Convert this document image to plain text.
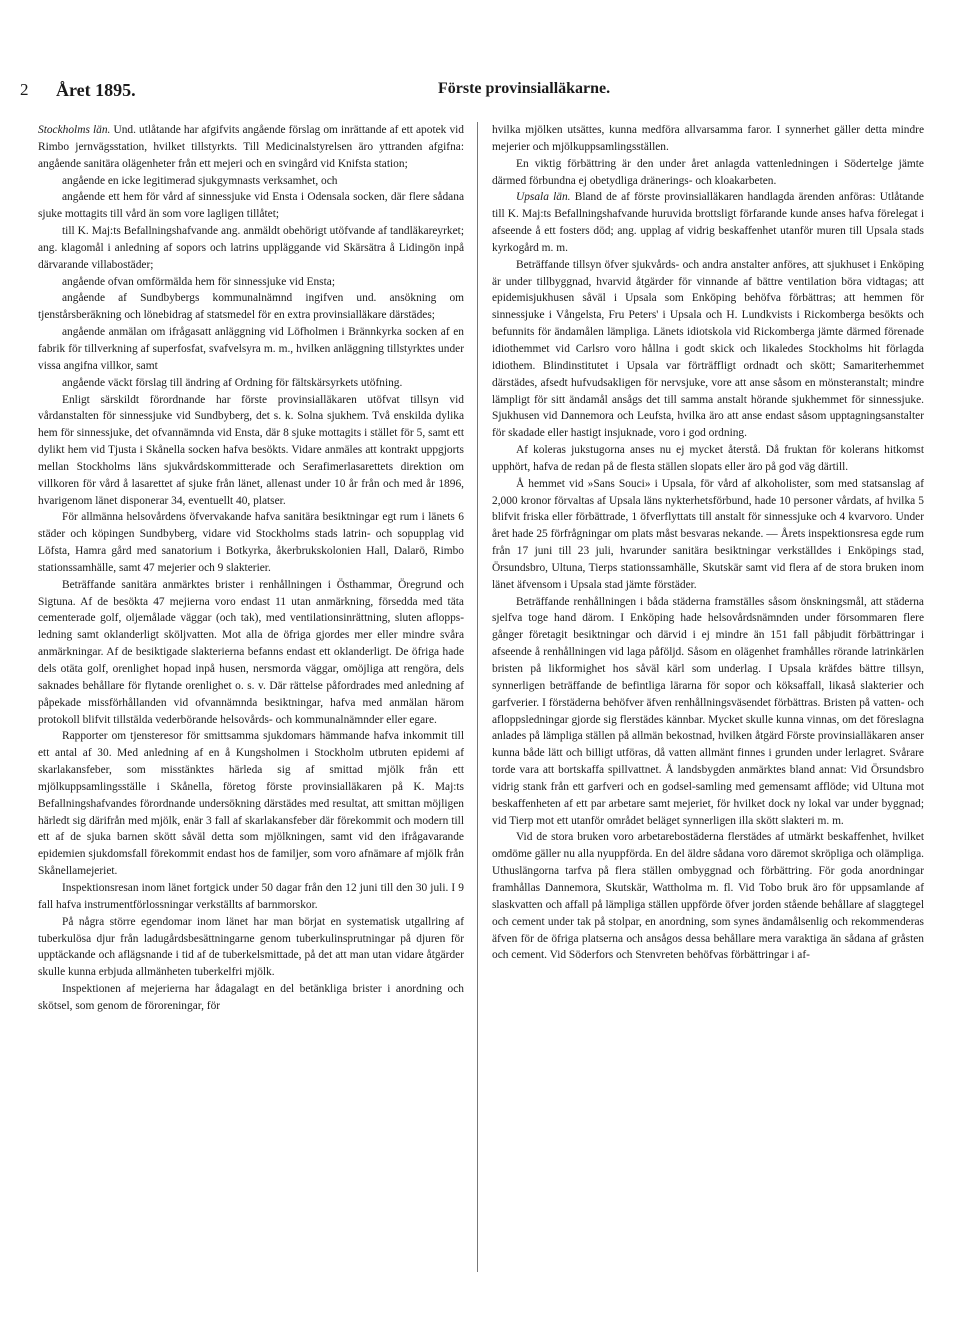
2 Året 1895.	Förste provinsialläkarne.

Stockholms län. Und. utlåtande har afgifvits angående förslag om inrättande af ett apotek vid Rimbo jernvägsstation, hvilket tillstyrkts. Till Medicinalstyrelsen äro yttranden afgifna: angående sanitära olägenheter från ett mejeri och en svingård vid Knifsta station;

angående en icke legitimerad sjukgymnasts verksamhet, och

angående ett hem för vård af sinnessjuke vid Ensta i Odensala socken, där flere sådana sjuke mottagits till vård än som vore lagligen tillåtet;

till K. Maj:ts Befallningshafvande ang. anmäldt obehörigt utöfvande af tandläkareyrket; ang. klagomål i anledning af sopors och latrins uppläggande vid Skärsätra å Lidingön inpå därvarande villabostäder;

angående ofvan omförmälda hem för sinnessjuke vid Ensta;

angående af Sundbybergs kommunalnämnd ingifven und. ansökning om tjenstårsberäkning och lönebidrag af statsmedel för en extra provinsialläkare därstädes;

angående anmälan om ifrågasatt anläggning vid Löfholmen i Brännkyrka socken af en fabrik för tillverkning af superfosfat, svafvelsyra m. m., hvilken anläggning tillstyrktes under vissa angifna villkor, samt

angående väckt förslag till ändring af Ordning för fältskärsyrkets utöfning.

Enligt särskildt förordnande har förste provinsialläkaren utöfvat tillsyn vid vårdanstalten för sinnessjuke vid Sundbyberg, det s. k. Solna sjukhem. Två enskilda dylika hem för sinnessjuke, det ofvannämnda vid Ensta, där 8 sjuke mottagits i stället för 5, samt ett dylikt hem vid Tjusta i Skånella socken hafva besökts. Vidare anmäles att kontrakt uppgjorts mellan Stockholms läns sjukvårdskommitterade och Serafimerlasarettets direktion om villkoren för vård å lasarettet af sjuke från länet, allenast under 10 år från och med år 1896, hvarigenom länet disponerar 34, eventuellt 40, platser.

För allmänna helsovårdens öfvervakande hafva sanitära besiktningar egt rum i länets 6 städer och köpingen Sundbyberg, vidare vid Stockholms stads latrin- och sopupplag vid Löfsta, Hamra gård med sanatorium i Botkyrka, åkerbrukskolonien Hall, Dalarö, Rimbo stationssamhälle, samt 47 mejerier och 9 slakterier.

Beträffande sanitära anmärktes brister i renhållningen i Östhammar, Öregrund och Sigtuna. Af de besökta 47 mejierna voro endast 11 utan anmärkning, försedda med täta cementerade golf, oljemålade väggar (och tak), med ventilationsinrättning, sluten aflopps-ledning samt oklanderligt sköljvatten. Mot alla de öfriga gjordes mer eller mindre svåra anmärkningar. Af de besiktigade slakterierna befanns endast ett oklanderligt. De öfriga hade dels otäta golf, orenlighet hopad inpå husen, nersmorda väggar, omöjliga att rengöra, dels saknades behållare för flytande orenlighet o. s. v. Där rättelse påfordrades med anledning af påpekade missförhållanden vid ofvannämnda besiktningar, hafva med anmälan härom protokoll blifvit tillstälda vederbörande helsovårds- och kommunalnämnder eller egare.

Rapporter om tjensteresor för smittsamma sjukdomars hämmande hafva inkommit till ett antal af 30. Med anledning af en å Kungsholmen i Stockholm utbruten epidemi af skarlakansfeber, som misstänktes härleda sig af smittad mjölk från ett mjölkuppsamlingsställe i Skånella, företog förste provinsialläkaren på K. Maj:ts Befallningshafvandes förordnande undersökning därstädes med resultat, att smittan möjligen härledt sig därifrån med mjölk, enär 3 fall af skarlakansfeber där förekommit och modern till ett af de sjuka barnen skött såväl detta som mjölkningen, samt vid den ifrågavarande epidemien sjukdomsfall förekommit endast hos de familjer, som voro afnämare af mjölk från Skånellamejeriet.

Inspektionsresan inom länet fortgick under 50 dagar från den 12 juni till den 30 juli. I 9 fall hafva instrumentförlossningar verkställts af barnmorskor.

På några större egendomar inom länet har man börjat en systematisk utgallring af tuberkulösa djur från ladugårdsbesättningarne genom tuberkulinsprutningar på djuren för upptäckande och aflägsnande i tid af de tuberkelsmittade, på det att man utan vidare åtgärder skulle kunna erbjuda allmänheten tuberkelfri mjölk.

Inspektionen af mejerierna har ådagalagt en del betänkliga brister i anordning och skötsel, som genom de föroreningar, för

hvilka mjölken utsättes, kunna medföra allvarsamma faror. I synnerhet gäller detta mindre mejerier och mjölkuppsamlingsställen.

En viktig förbättring är den under året anlagda vattenledningen i Södertelge jämte därmed förbundna ej obetydliga dränerings- och kloakarbeten.

Upsala län. Bland de af förste provinsialläkaren handlagda ärenden anföras: Utlåtande till K. Maj:ts Befallningshafvande huruvida brottsligt förfarande kunde anses hafva förelegat i afseende å ett fosters död; ang. upplag af vidrig beskaffenhet utanför muren till Upsala stads kyrkogård m. m.

Beträffande tillsyn öfver sjukvårds- och andra anstalter anföres, att sjukhuset i Enköping är under tillbyggnad, hvarvid åtgärder för vinnande af bättre ventilation böra vidtagas; att epidemisjukhusen såväl i Upsala som Enköping behöfva förbättras; att hemmen för sinnessjuke i Vångelsta, Fru Peters' i Upsala och H. Lundkvists i Rickomberga besökts och befunnits för ändamålen lämpliga. Länets idiotskola vid Rickomberga jämte därmed förenade idiothemmet vid Carlsro voro hållna i godt skick och likaledes Stockholms hit förlagda idiothem. Blindinstitutet i Upsala var förträffligt ordnadt och skött; Samariterhemmet därstädes, afsedt hufvudsakligen för nervsjuke, vore att anse såsom en mönsteranstalt; mindre lämpligt för sitt ändamål ansågs det till samma anstalt hörande sjukhemmet för sinnessjuke. Sjukhusen vid Dannemora och Leufsta, hvilka äro att anse endast såsom upptagningsanstalter för skadade eller hastigt insjuknade, voro i god ordning.

Af koleras jukstugorna anses nu ej mycket återstå. Då fruktan för kolerans hitkomst upphört, hafva de redan på de flesta ställen slopats eller äro på god väg därtill.

Å hemmet vid »Sans Souci» i Upsala, för vård af alkoholister, som med statsanslag af 2,000 kronor förvaltas af Upsala läns nykterhetsförbund, hade 10 personer vårdats, af hvilka 5 blifvit friska eller förbättrade, 1 öfverflyttats till anstalt för sinnessjuke och 4 kvarvoro. Under året hade 25 förfrågningar om plats måst besvaras nekande. — Årets inspektionsresa egde rum från 17 juni till 23 juli, hvarunder sanitära besiktningar verkställdes i Enköpings stad, Örsundsbro, Ultuna, Tierps stationssamhälle, Skutskär samt vid flera af de stora bruken inom länet äfvensom i Upsala stad jämte förstäder.

Beträffande renhållningen i båda städerna framställes såsom önskningsmål, att städerna sjelfva toge hand därom. I Enköping hade helsovårdsnämnden under försommaren flere gånger företagit besiktningar och därvid i ej mindre än 151 fall påbjudit förbättringar i afseende å renhållningen vid laga påföljd. Såsom en olägenhet framhålles rörande latrinkärlen bristen på likformighet hos såväl kärl som underlag. I Upsala kräfdes bättre tillsyn, synnerligen beträffande de befintliga lärarna för sopor och köksaffall, likaså slakterier och garfverier. I förstäderna behöfver äfven renhållningsväsendet förbättras. Bristen på vatten- och afloppsledningar gjorde sig flerstädes kännbar. Mycket skulle kunna vinnas, om det föreslagna anlades på lämpliga ställen på allmän bekostnad, hvilken åtgärd Förste provinsialläkaren anser kunna både lätt och billigt utföras, då vatten allmänt finnes i grunden under lerlagret. Svårare torde vara att bortskaffa spillvattnet. Å landsbygden anmärktes bland annat: Vid Örsundsbro vidrig stank från ett garfveri och en godsel-samling med gemensamt afflöde; vid Ultuna mot beskaffenheten af ett par arbetare samt mejeriet, för hvilket dock ny lokal var under byggnad; vid Tierp mot ett utanför området beläget synnerligen illa skött slakteri m. m.

Vid de stora bruken voro arbetarebostäderna flerstädes af utmärkt beskaffenhet, hvilket omdöme gäller nu alla nyuppförda. En del äldre sådana voro däremot skröpliga och olämpliga. Uthuslängorna tarfva på flera ställen ombyggnad och förbättring. För goda anordningar framhållas Dannemora, Skutskär, Wattholma m. fl. Vid Tobo bruk äro för uppsamlande af slaskvatten och affall på lämpliga ställen uppförde öfver jorden stående behållare af slaggtegel och cement under tak på stolpar, en anordning, som synes ändamålsenlig och rekommenderas äfven för de öfriga platserna och ansågos dessa behållare mera varaktiga än sådana af gråsten och cement. Vid Söderfors och Stenvreten behöfvas förbättringar i af-
